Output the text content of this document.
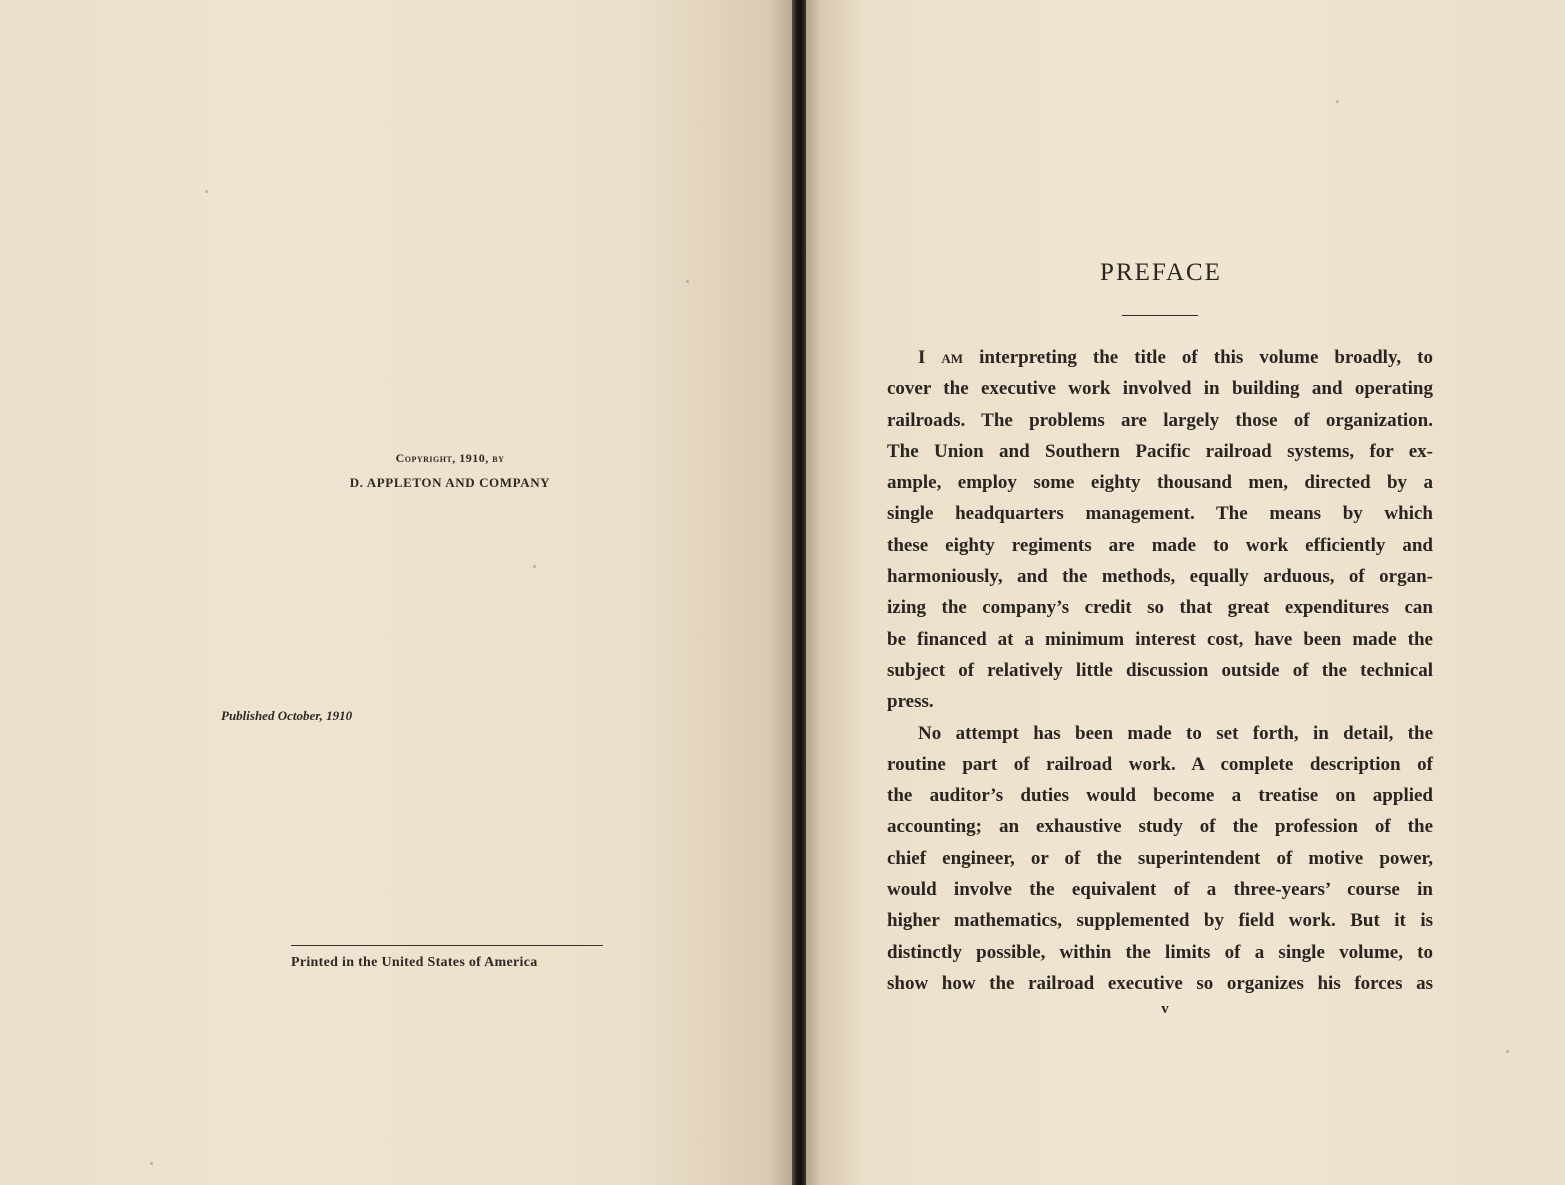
Copyright, 1910, by
D. APPLETON AND COMPANY
Published October, 1910
Printed in the United States of America
PREFACE
I am interpreting the title of this volume broadly, to
cover the executive work involved in building and operating
railroads. The problems are largely those of organization.
The Union and Southern Pacific railroad systems, for ex-
ample, employ some eighty thousand men, directed by a
single headquarters management. The means by which
these eighty regiments are made to work efficiently and
harmoniously, and the methods, equally arduous, of organ-
izing the company’s credit so that great expenditures can
be financed at a minimum interest cost, have been made the
subject of relatively little discussion outside of the technical
press.
No attempt has been made to set forth, in detail, the
routine part of railroad work. A complete description of
the auditor’s duties would become a treatise on applied
accounting; an exhaustive study of the profession of the
chief engineer, or of the superintendent of motive power,
would involve the equivalent of a three-years’ course in
higher mathematics, supplemented by field work. But it is
distinctly possible, within the limits of a single volume, to
show how the railroad executive so organizes his forces as
v
